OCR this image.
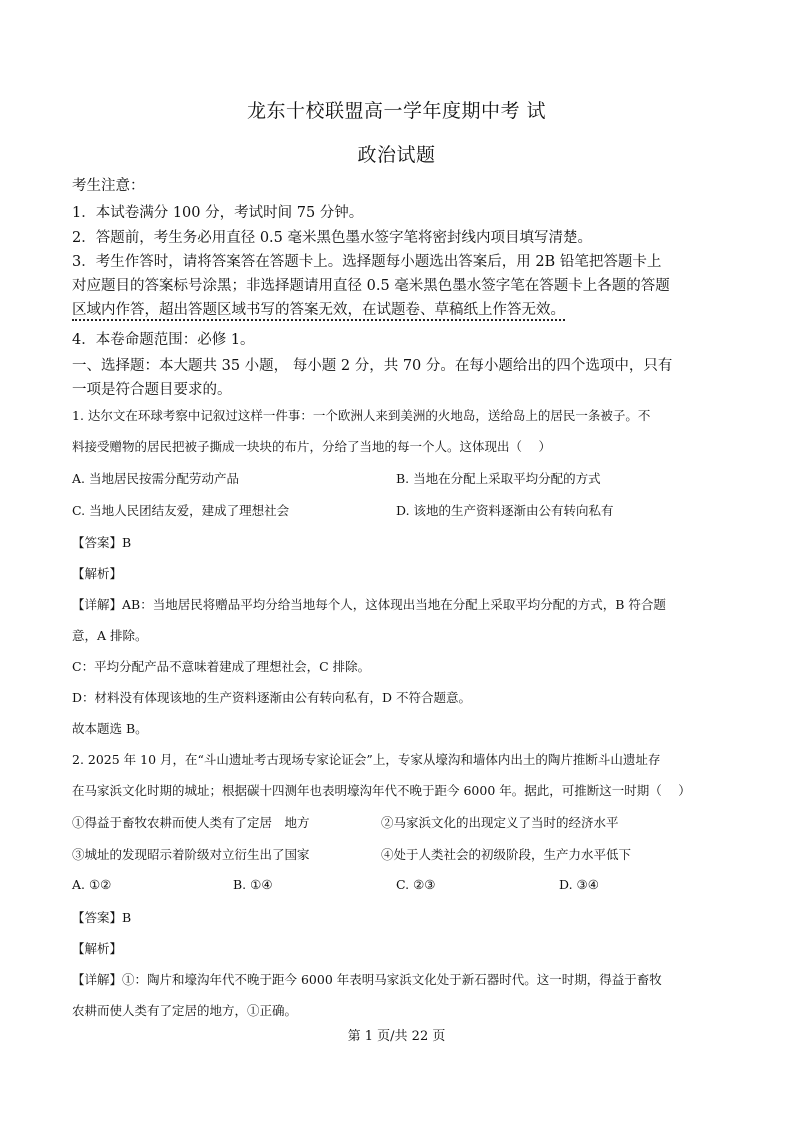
龙东十校联盟高一学年度期中考 试
政治试题
考生注意：
1．本试卷满分 100 分，考试时间 75 分钟。
2．答题前，考生务必用直径 0.5 毫米黑色墨水签字笔将密封线内项目填写清楚。
3．考生作答时，请将答案答在答题卡上。选择题每小题选出答案后，用 2B 铅笔把答题卡上
对应题目的答案标号涂黑；非选择题请用直径 0.5 毫米黑色墨水签字笔在答题卡上各题的答题
区域内作答，超出答题区域书写的答案无效，在试题卷、草稿纸上作答无效。
4．本卷命题范围：必修 1。
一、选择题：本大题共 35 小题， 每小题 2 分，共 70 分。在每小题给出的四个选项中，只有
一项是符合题目要求的。
1. 达尔文在环球考察中记叙过这样一件事：一个欧洲人来到美洲的火地岛，送给岛上的居民一条被子。不
料接受赠物的居民把被子撕成一块块的布片，分给了当地的每一个人。这体现出（　 ）
A. 当地居民按需分配劳动产品	B. 当地在分配上采取平均分配的方式
C. 当地人民团结友爱，建成了理想社会	D. 该地的生产资料逐渐由公有转向私有
【答案】B
【解析】
【详解】AB：当地居民将赠品平均分给当地每个人，这体现出当地在分配上采取平均分配的方式，B 符合题
意，A 排除。
C：平均分配产品不意味着建成了理想社会，C 排除。
D：材料没有体现该地的生产资料逐渐由公有转向私有，D 不符合题意。
故本题选 B。
2. 2025 年 10 月，在“斗山遗址考古现场专家论证会”上，专家从壕沟和墙体内出土的陶片推断斗山遗址存
在马家浜文化时期的城址；根据碳十四测年也表明壕沟年代不晚于距今 6000 年。据此，可推断这一时期（　 ）
①得益于畜牧农耕而使人类有了定居　地方	②马家浜文化的出现定义了当时的经济水平
③城址的发现昭示着阶级对立衍生出了国家	④处于人类社会的初级阶段，生产力水平低下
A. ①②	B. ①④	C. ②③	D. ③④
【答案】B
【解析】
【详解】①：陶片和壕沟年代不晚于距今 6000 年表明马家浜文化处于新石器时代。这一时期，得益于畜牧
农耕而使人类有了定居的地方，①正确。
第 1 页/共 22 页
